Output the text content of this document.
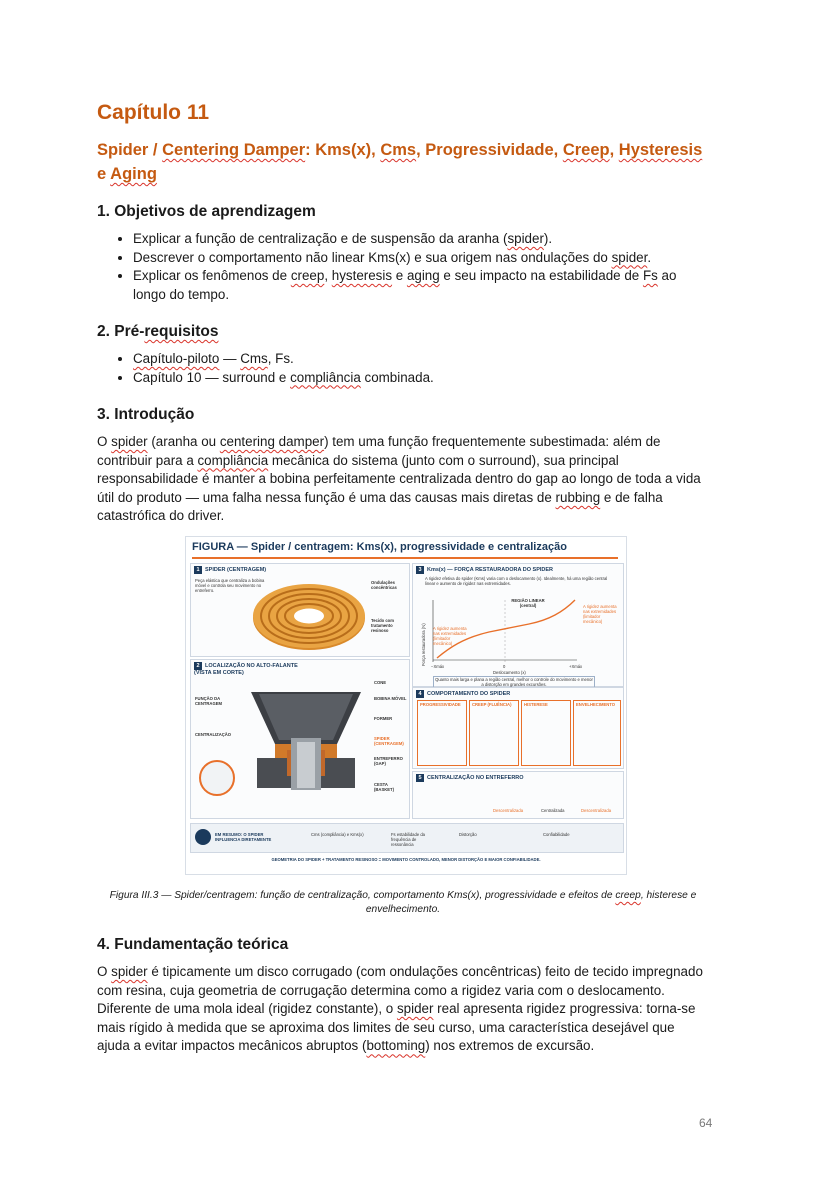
Capítulo 11
Spider / Centering Damper: Kms(x), Cms, Progressividade, Creep, Hysteresis e Aging
1. Objetivos de aprendizagem
• Explicar a função de centralização e de suspensão da aranha (spider).
• Descrever o comportamento não linear Kms(x) e sua origem nas ondulações do spider.
• Explicar os fenômenos de creep, hysteresis e aging e seu impacto na estabilidade de Fs ao longo do tempo.
2. Pré-requisitos
• Capítulo-piloto — Cms, Fs.
• Capítulo 10 — surround e compliância combinada.
3. Introdução

O spider (aranha ou centering damper) tem uma função frequentemente subestimada: além de contribuir para a compliância mecânica do sistema (junto com o surround), sua principal responsabilidade é manter a bobina perfeitamente centralizada dentro do gap ao longo de toda a vida útil do produto — uma falha nessa função é uma das causas mais diretas de rubbing e de falha catastrófica do driver.

FIGURA — Spider / centragem: Kms(x), progressividade e centralização
1 SPIDER (CENTRAGEM)
Peça elástica que centraliza a bobina móvel e controla seu movimento no entreferro.
Ondulações concêntricas
Tecido com tratamento resinoso
2 LOCALIZAÇÃO NO ALTO-FALANTE (VISTA EM CORTE)
FUNÇÃO DA CENTRAGEM
CENTRALIZAÇÃO
CONE
BOBINA MÓVEL
FORMER
SPIDER (CENTRAGEM)
ENTREFERRO (GAP)
CESTA (BASKET)
3 Kms(x) — FORÇA RESTAURADORA DO SPIDER
A rigidez efetiva do spider (Kms) varia com o deslocamento (x). Idealmente, há uma região central linear e aumento de rigidez nas extremidades.
Força restauradora (N)
REGIÃO LINEAR (central)
A rigidez aumenta nas extremidades (limitador mecânico)
A rigidez aumenta nas extremidades (limitador mecânico)
−Xmáx	0	+Xmáx
Deslocamento (x)
Quanto mais larga e plana a região central, melhor o controle do movimento e menor a distorção em grandes excursões.
4 COMPORTAMENTO DO SPIDER
PROGRESSIVIDADE	CREEP (FLUÊNCIA)	HISTERESE	ENVELHECIMENTO
5 CENTRALIZAÇÃO NO ENTREFERRO
Descentralizada	Centralizada	Descentralizada
EM RESUMO: O SPIDER INFLUENCIA DIRETAMENTE
Cms (compliância) e Kms(x)	Fs estabilidade da frequência de ressonância
Distorção	Confiabilidade
GEOMETRIA DO SPIDER + TRATAMENTO RESINOSO = MOVIMENTO CONTROLADO, MENOR DISTORÇÃO E MAIOR CONFIABILIDADE.
Figura III.3 — Spider/centragem: função de centralização, comportamento Kms(x), progressividade e efeitos de creep, histerese e envelhecimento.
4. Fundamentação teórica

O spider é tipicamente um disco corrugado (com ondulações concêntricas) feito de tecido impregnado com resina, cuja geometria de corrugação determina como a rigidez varia com o deslocamento. Diferente de uma mola ideal (rigidez constante), o spider real apresenta rigidez progressiva: torna-se mais rígido à medida que se aproxima dos limites de seu curso, uma característica desejável que ajuda a evitar impactos mecânicos abruptos (bottoming) nos extremos de excursão.

64
